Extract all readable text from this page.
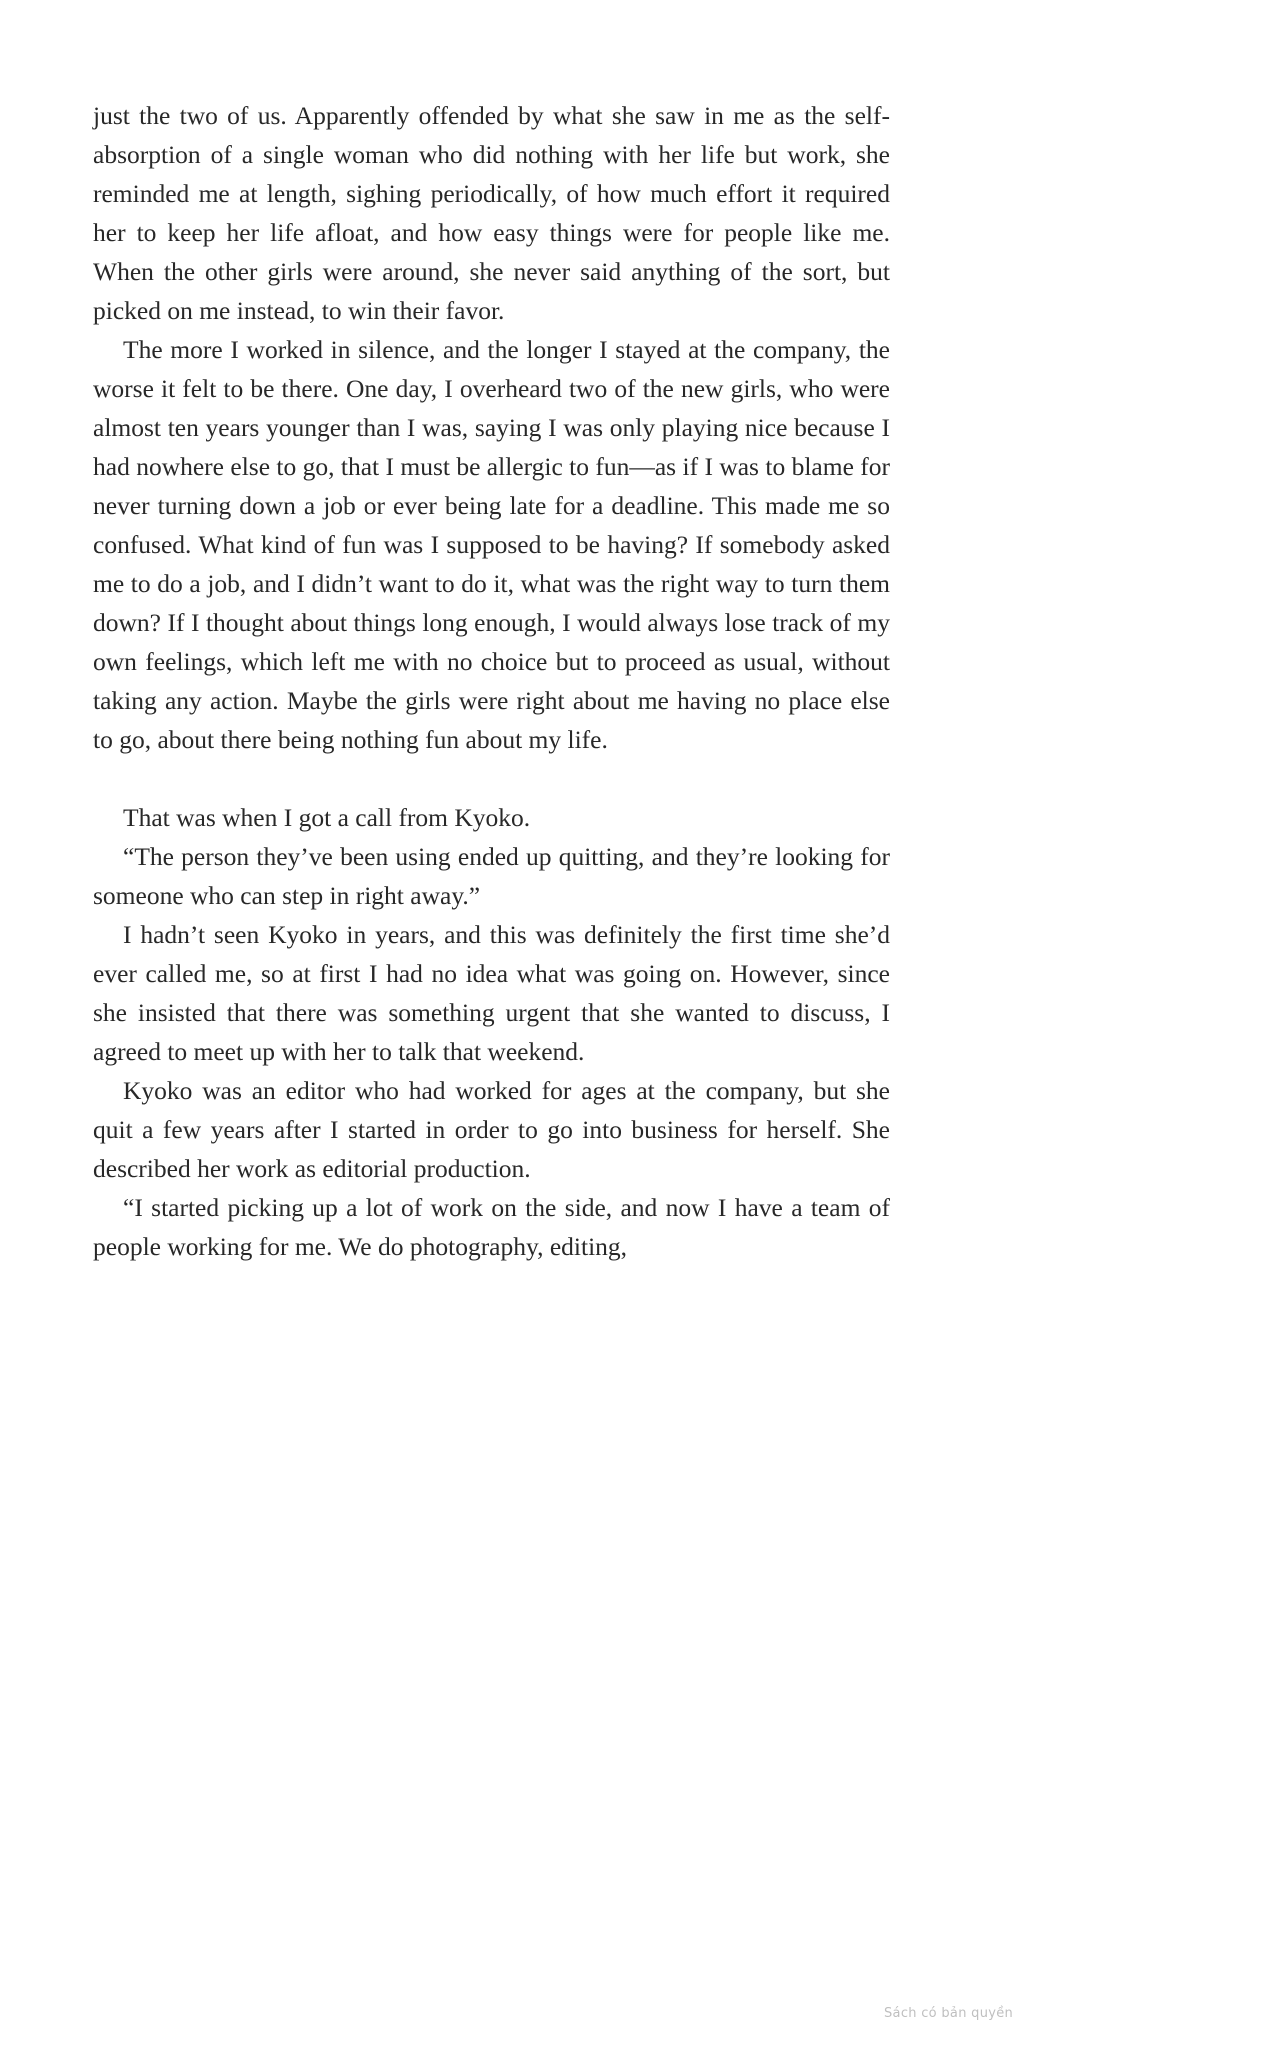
just the two of us. Apparently offended by what she saw in me as the self-absorption of a single woman who did nothing with her life but work, she reminded me at length, sighing periodically, of how much effort it required her to keep her life afloat, and how easy things were for people like me. When the other girls were around, she never said anything of the sort, but picked on me instead, to win their favor.

The more I worked in silence, and the longer I stayed at the company, the worse it felt to be there. One day, I overheard two of the new girls, who were almost ten years younger than I was, saying I was only playing nice because I had nowhere else to go, that I must be allergic to fun—as if I was to blame for never turning down a job or ever being late for a deadline. This made me so confused. What kind of fun was I supposed to be having? If somebody asked me to do a job, and I didn’t want to do it, what was the right way to turn them down? If I thought about things long enough, I would always lose track of my own feelings, which left me with no choice but to proceed as usual, without taking any action. Maybe the girls were right about me having no place else to go, about there being nothing fun about my life.

That was when I got a call from Kyoko.

“The person they’ve been using ended up quitting, and they’re looking for someone who can step in right away.”

I hadn’t seen Kyoko in years, and this was definitely the first time she’d ever called me, so at first I had no idea what was going on. However, since she insisted that there was something urgent that she wanted to discuss, I agreed to meet up with her to talk that weekend.

Kyoko was an editor who had worked for ages at the company, but she quit a few years after I started in order to go into business for herself. She described her work as editorial production.

“I started picking up a lot of work on the side, and now I have a team of people working for me. We do photography, editing,

Sách có bản quyền
